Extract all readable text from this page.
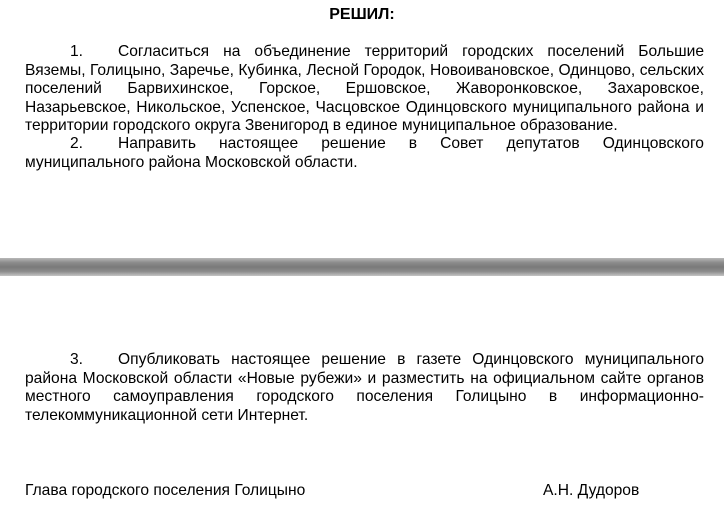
РЕШИЛ:
1. Согласиться на объединение территорий городских поселений Большие Вяземы, Голицыно, Заречье, Кубинка, Лесной Городок, Новоивановское, Одинцово, сельских поселений Барвихинское, Горское, Ершовское, Жаворонковское, Захаровское, Назарьевское, Никольское, Успенское, Часцовское Одинцовского муниципального района и территории городского округа Звенигород в единое муниципальное образование.
2. Направить настоящее решение в Совет депутатов Одинцовского муниципального района Московской области.
3. Опубликовать настоящее решение в газете Одинцовского муниципального района Московской области «Новые рубежи» и разместить на официальном сайте органов местного самоуправления городского поселения Голицыно в информационно-телекоммуникационной сети Интернет.
Глава городского поселения Голицыно	А.Н. Дудоров
